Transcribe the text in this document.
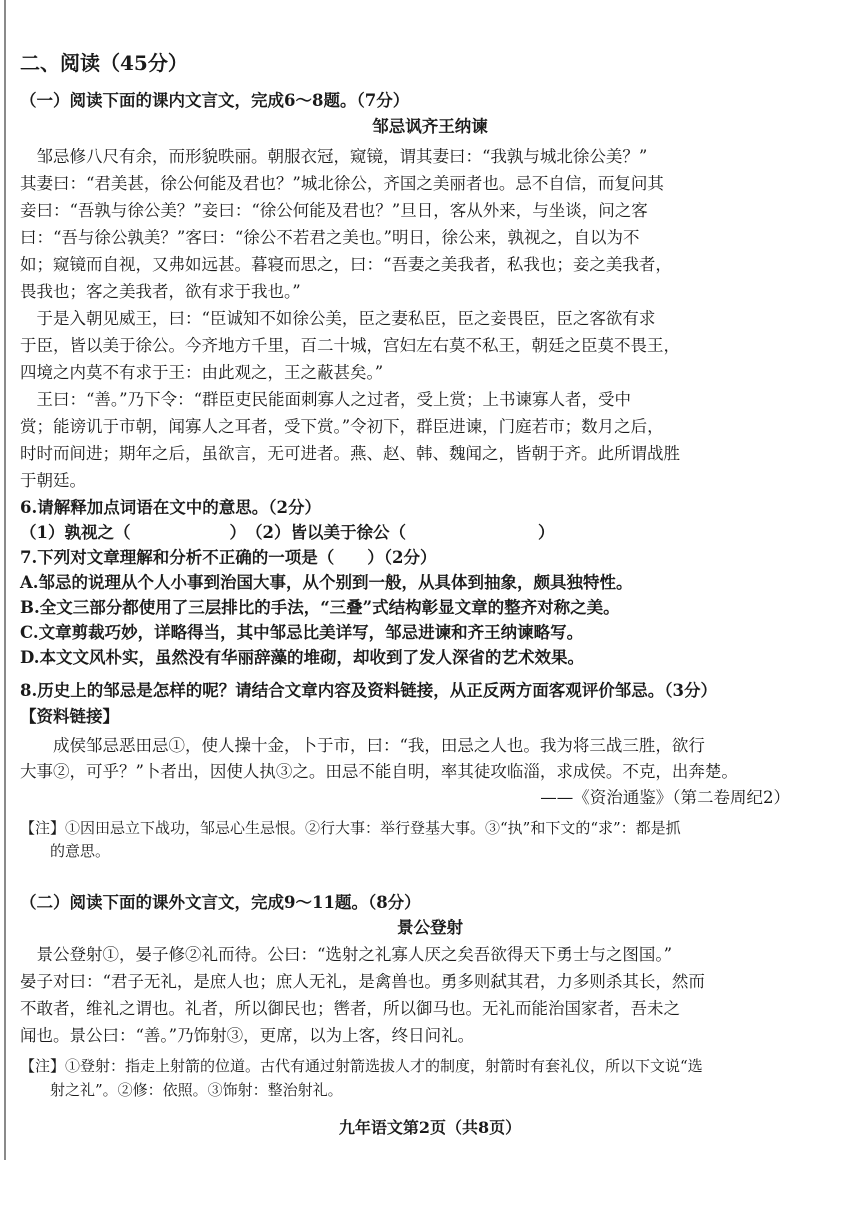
二、阅读（45分）
（一）阅读下面的课内文言文，完成6～8题。（7分）
邹忌讽齐王纳谏
　邹忌修八尺有余，而形貌昳丽。朝服衣冠，窥镜，谓其妻曰：“我孰与城北徐公美？”
其妻曰：“君美甚，徐公何能及君也？”城北徐公，齐国之美丽者也。忌不自信，而复问其
妾曰：“吾孰与徐公美？”妾曰：“徐公何能及君也？”旦日，客从外来，与坐谈，问之客
曰：“吾与徐公孰美？”客曰：“徐公不若君之美也。”明日，徐公来，孰视之，自以为不
如；窥镜而自视，又弗如远甚。暮寝而思之，曰：“吾妻之美我者，私我也；妾之美我者，
畏我也；客之美我者，欲有求于我也。”
　于是入朝见威王，曰：“臣诚知不如徐公美，臣之妻私臣，臣之妾畏臣，臣之客欲有求
于臣，皆以美于徐公。今齐地方千里，百二十城，宫妇左右莫不私王，朝廷之臣莫不畏王，
四境之内莫不有求于王：由此观之，王之蔽甚矣。”
　王曰：“善。”乃下令：“群臣吏民能面刺寡人之过者，受上赏；上书谏寡人者，受中
赏；能谤讥于市朝，闻寡人之耳者，受下赏。”令初下，群臣进谏，门庭若市；数月之后，
时时而间进；期年之后，虽欲言，无可进者。燕、赵、韩、魏闻之，皆朝于齐。此所谓战胜
于朝廷。
6.请解释加点词语在文中的意思。（2分）
（1）孰视之（　　　　　　）　（2）皆以美于徐公（　　　　　　　　）
7.下列对文章理解和分析不正确的一项是（　　）（2分）
A.邹忌的说理从个人小事到治国大事，从个别到一般，从具体到抽象，颇具独特性。
B.全文三部分都使用了三层排比的手法，“三叠”式结构彰显文章的整齐对称之美。
C.文章剪裁巧妙，详略得当，其中邹忌比美详写，邹忌进谏和齐王纳谏略写。
D.本文文风朴实，虽然没有华丽辞藻的堆砌，却收到了发人深省的艺术效果。
8.历史上的邹忌是怎样的呢？请结合文章内容及资料链接，从正反两方面客观评价邹忌。（3分）
【资料链接】
　　成侯邹忌恶田忌①，使人操十金，卜于市，曰：“我，田忌之人也。我为将三战三胜，欲行
大事②，可乎？”卜者出，因使人执③之。田忌不能自明，率其徒攻临淄，求成侯。不克，出奔楚。
——《资治通鉴》（第二卷周纪2）
【注】①因田忌立下战功，邹忌心生忌恨。②行大事：举行登基大事。③“执”和下文的“求”：都是抓
　　的意思。
（二）阅读下面的课外文言文，完成9～11题。（8分）
景公登射
　景公登射①，晏子修②礼而待。公曰：“选射之礼寡人厌之矣吾欲得天下勇士与之图国。”
晏子对曰：“君子无礼，是庶人也；庶人无礼，是禽兽也。勇多则弑其君，力多则杀其长，然而
不敢者，维礼之谓也。礼者，所以御民也；辔者，所以御马也。无礼而能治国家者，吾未之
闻也。景公曰：“善。”乃饰射③，更席，以为上客，终日问礼。
【注】①登射：指走上射箭的位道。古代有通过射箭选拔人才的制度，射箭时有套礼仪，所以下文说“选
　　射之礼”。②修：依照。③饰射：整治射礼。
九年语文第2页（共8页）
